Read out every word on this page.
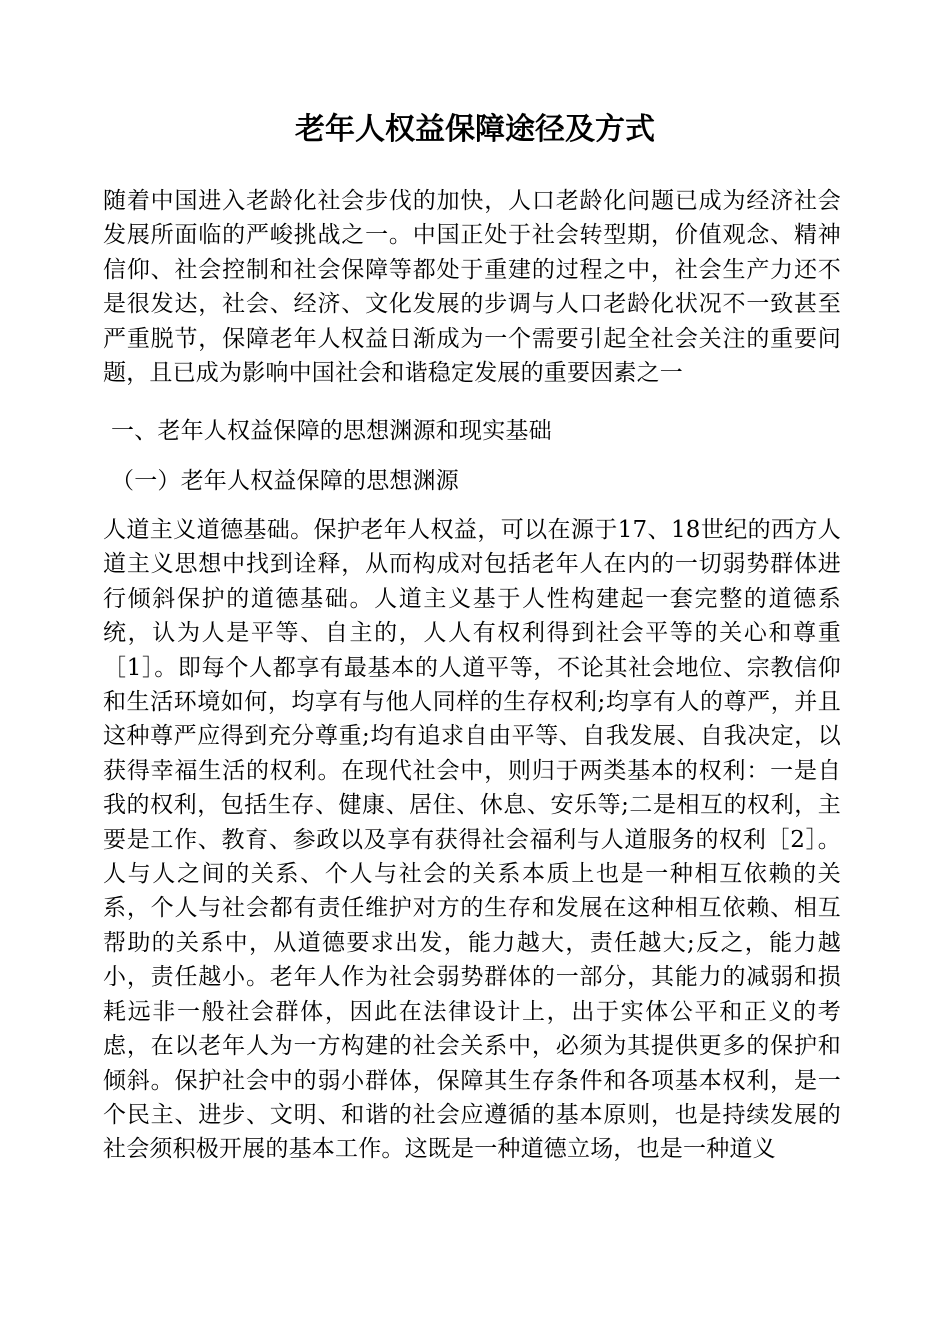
老年人权益保障途径及方式

随着中国进入老龄化社会步伐的加快，人口老龄化问题已成为经济社会发展所面临的严峻挑战之一。中国正处于社会转型期，价值观念、精神信仰、社会控制和社会保障等都处于重建的过程之中，社会生产力还不是很发达，社会、经济、文化发展的步调与人口老龄化状况不一致甚至严重脱节，保障老年人权益日渐成为一个需要引起全社会关注的重要问题，且已成为影响中国社会和谐稳定发展的重要因素之一

一、老年人权益保障的思想渊源和现实基础

（一）老年人权益保障的思想渊源

人道主义道德基础。保护老年人权益，可以在源于17、18世纪的西方人道主义思想中找到诠释，从而构成对包括老年人在内的一切弱势群体进行倾斜保护的道德基础。人道主义基于人性构建起一套完整的道德系统，认为人是平等、自主的，人人有权利得到社会平等的关心和尊重［1］。即每个人都享有最基本的人道平等，不论其社会地位、宗教信仰和生活环境如何，均享有与他人同样的生存权利;均享有人的尊严，并且这种尊严应得到充分尊重;均有追求自由平等、自我发展、自我决定，以获得幸福生活的权利。在现代社会中，则归于两类基本的权利：一是自我的权利，包括生存、健康、居住、休息、安乐等;二是相互的权利，主要是工作、教育、参政以及享有获得社会福利与人道服务的权利［2］。人与人之间的关系、个人与社会的关系本质上也是一种相互依赖的关系，个人与社会都有责任维护对方的生存和发展在这种相互依赖、相互帮助的关系中，从道德要求出发，能力越大，责任越大;反之，能力越小，责任越小。老年人作为社会弱势群体的一部分，其能力的减弱和损耗远非一般社会群体，因此在法律设计上，出于实体公平和正义的考虑，在以老年人为一方构建的社会关系中，必须为其提供更多的保护和倾斜。保护社会中的弱小群体，保障其生存条件和各项基本权利，是一个民主、进步、文明、和谐的社会应遵循的基本原则，也是持续发展的社会须积极开展的基本工作。这既是一种道德立场，也是一种道义
